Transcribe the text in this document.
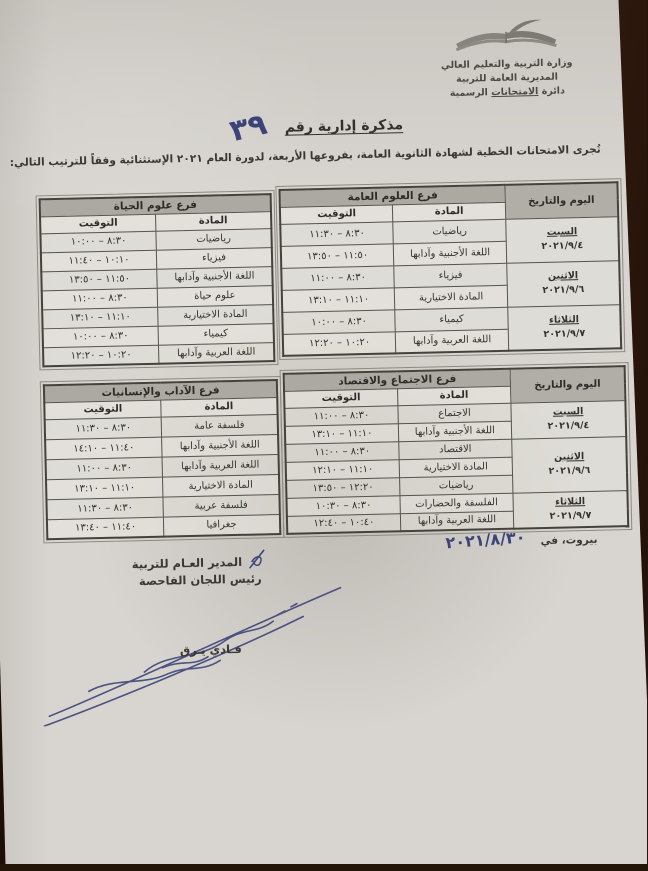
وزارة التربية والتعليم العالي
المديرية العامة للتربية
دائرة الامتحانات الرسمية
مذكرة إدارية رقم ٣٩

تُجرى الامتحانات الخطية لشهادة الثانوية العامة، بفروعها الأربعة، لدورة العام ٢٠٢١ الإستثنائية وفقاً للترتيب التالي:

فرع علوم الحياة	
المادة	التوقيت
رياضيات	٨:٣٠ – ١٠:٠٠
فيزياء	١٠:١٠ – ١١:٤٠
اللغة الأجنبية وآدابها	١١:٥٠ – ١٣:٥٠
علوم حياة	٨:٣٠ – ١١:٠٠
المادة الاختيارية	١١:١٠ – ١٣:١٠
كيمياء	٨:٣٠ – ١٠:٠٠
اللغة العربية وآدابها	١٠:٢٠ – ١٢:٢٠
اليوم والتاريخ	فرع العلوم العامة	
	المادة	التوقيت

السبت
٢٠٢١/٩/٤	رياضيات	٨:٣٠ – ١١:٣٠
	اللغة الأجنبية وآدابها	١١:٥٠ – ١٣:٥٠

الاثنين
٢٠٢١/٩/٦	فيزياء	٨:٣٠ – ١١:٠٠
	المادة الاختيارية	١١:١٠ – ١٣:١٠

الثلاثاء
٢٠٢١/٩/٧	كيمياء	٨:٣٠ – ١٠:٠٠
	اللغة العربية وآدابها	١٠:٢٠ – ١٢:٢٠
فرع الآداب والإنسانيات	
المادة	التوقيت
فلسفة عامة	٨:٣٠ – ١١:٣٠
اللغة الأجنبية وآدابها	١١:٤٠ – ١٤:١٠
اللغة العربية وآدابها	٨:٣٠ – ١١:٠٠
المادة الاختيارية	١١:١٠ – ١٣:١٠
فلسفة عربية	٨:٣٠ – ١١:٣٠
جغرافيا	١١:٤٠ – ١٣:٤٠
اليوم والتاريخ	فرع الاجتماع والاقتصاد	
	المادة	التوقيت

السبت
٢٠٢١/٩/٤	الاجتماع	٨:٣٠ – ١١:٠٠
	اللغة الأجنبية وآدابها	١١:١٠ – ١٣:١٠

الاثنين
٢٠٢١/٩/٦	الاقتصاد	٨:٣٠ – ١١:٠٠
	المادة الاختيارية	١١:١٠ – ١٢:١٠
	رياضيات	١٢:٢٠ – ١٣:٥٠

الثلاثاء
٢٠٢١/٩/٧	الفلسفة والحضارات	٨:٣٠ – ١٠:٣٠
	اللغة العربية وآدابها	١٠:٤٠ – ١٢:٤٠
بيروت، في ٢٠٢١/٨/٣٠
المدير العـام للتربية
رئيس اللجان الفاحصة
فـادي يـرق
